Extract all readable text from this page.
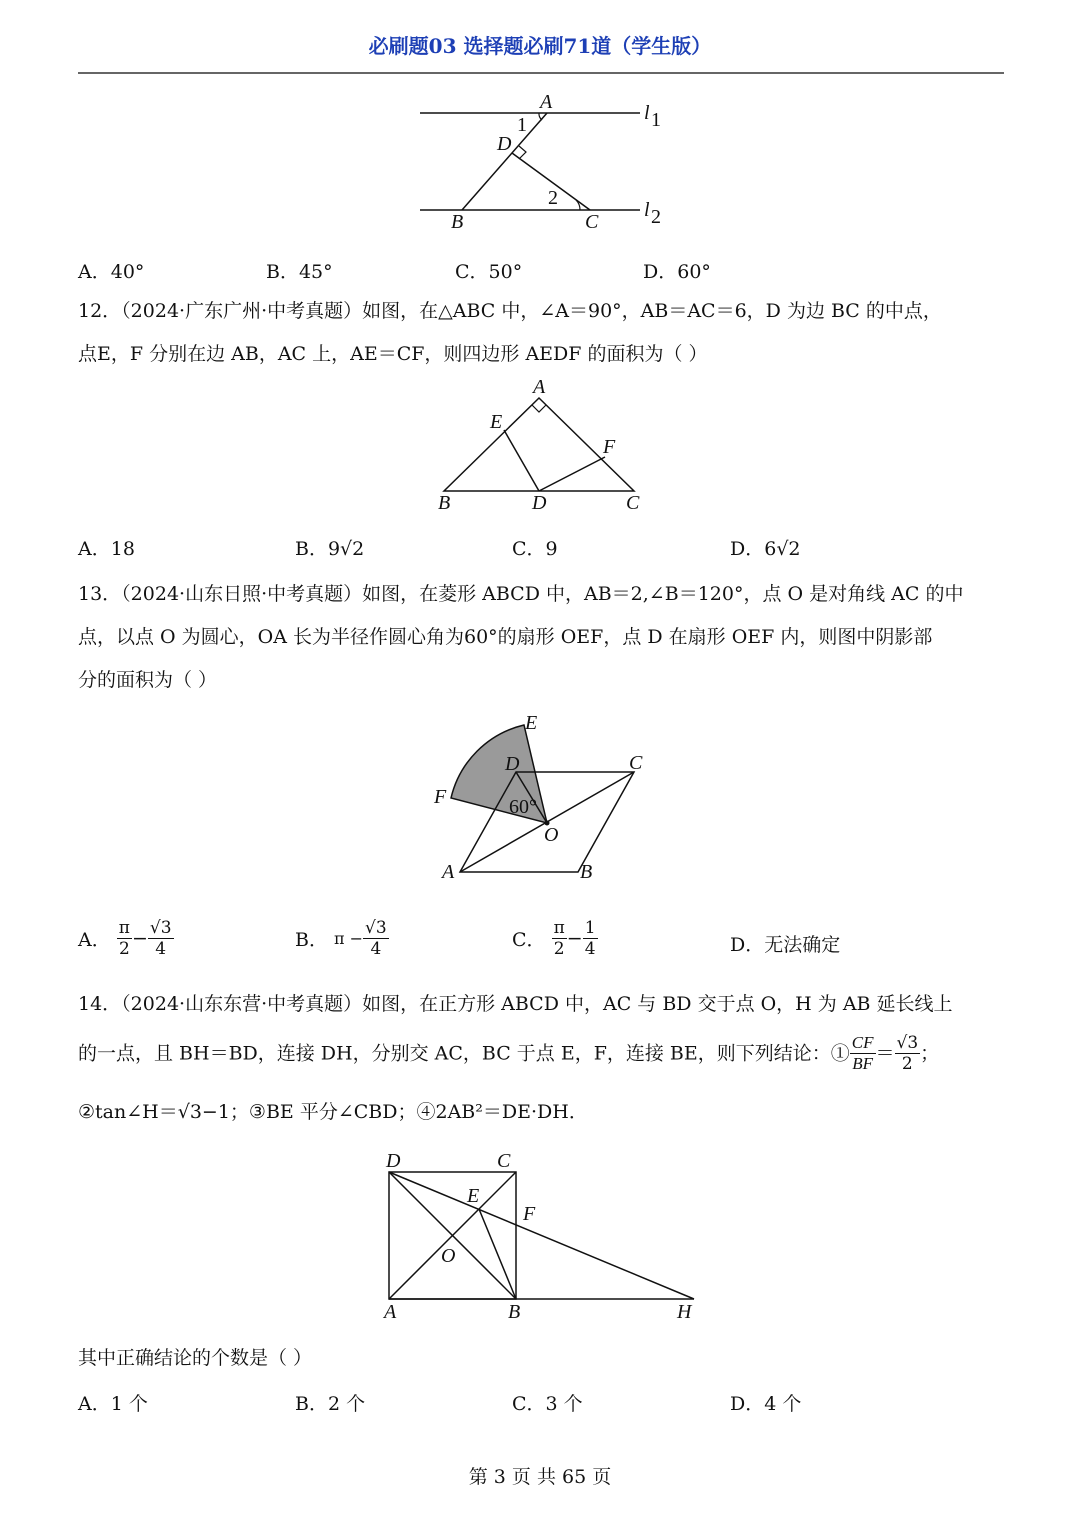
必刷题03 选择题必刷71道（学生版）
A
1
D
2
B	C
l 1
l 2
A．40°	B．45°	C．50°	D．60°
12．（2024·广东广州·中考真题）如图，在△ABC 中，∠A＝90°，AB＝AC＝6，D 为边 BC 的中点，
点E，F 分别在边 AB，AC 上，AE＝CF，则四边形 AEDF 的面积为（ ）
A
E
F
B	D	C
A．18	B．9√2	C．9	D．6√2
13．（2024·山东日照·中考真题）如图，在菱形 ABCD 中，AB＝2,∠B＝120°，点 O 是对角线 AC 的中
点，以点 O 为圆心，OA 长为半径作圆心角为60°的扇形 OEF，点 D 在扇形 OEF 内，则图中阴影部
分的面积为（ ）
E
D	C
F	60°
O
A	B
A． $\frac{\pi}{2} - \frac{√3}{4}$	B． $\pi - \frac{√3}{4}$	C． $\frac{\pi}{2} - \frac{1}{4}$	D．无法确定
14．（2024·山东东营·中考真题）如图，在正方形 ABCD 中，AC 与 BD 交于点 O，H 为 AB 延长线上
的一点，且 BH＝BD，连接 DH，分别交 AC，BC 于点 E，F，连接 BE，则下列结论：① $\frac{CF}{BF} = \frac{√3}{2}$ ；
②tan∠H＝√3−1；③BE 平分∠CBD；④2AB²＝DE·DH．
D	C
E
F
O
A	B	H
其中正确结论的个数是（ ）
A．1 个	B．2 个	C．3 个	D．4 个
第 3 页 共 65 页
